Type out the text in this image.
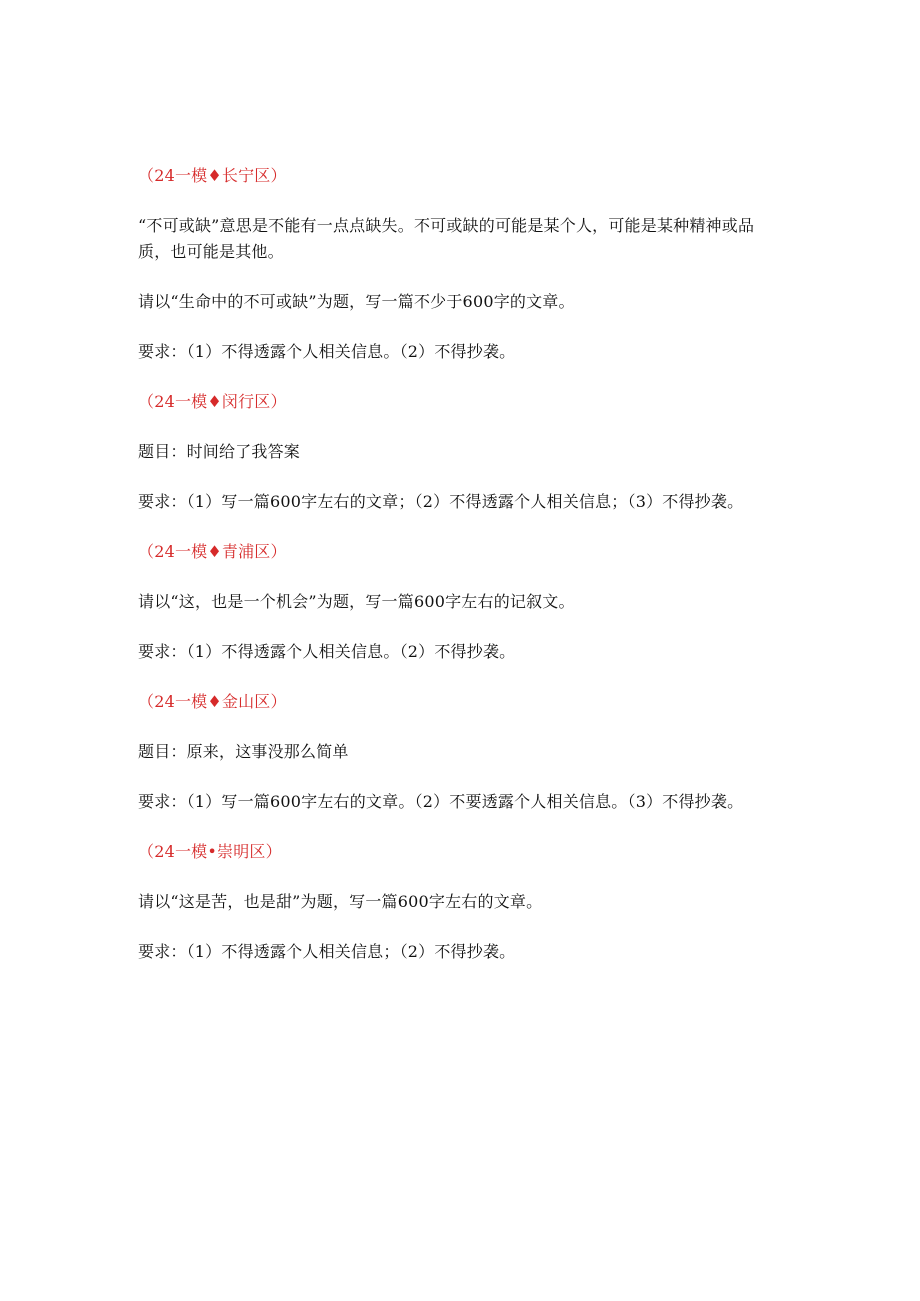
（24一模♦长宁区）

“不可或缺”意思是不能有一点点缺失。不可或缺的可能是某个人，可能是某种精神或品质，也可能是其他。

请以“生命中的不可或缺”为题，写一篇不少于600字的文章。

要求：（1）不得透露个人相关信息。（2）不得抄袭。

（24一模♦闵行区）

题目：时间给了我答案

要求：（1）写一篇600字左右的文章；（2）不得透露个人相关信息；（3）不得抄袭。

（24一模♦青浦区）

请以“这，也是一个机会”为题，写一篇600字左右的记叙文。

要求：（1）不得透露个人相关信息。（2）不得抄袭。

（24一模♦金山区）

题目：原来，这事没那么简单

要求：（1）写一篇600字左右的文章。（2）不要透露个人相关信息。（3）不得抄袭。

（24一模•崇明区）

请以“这是苦，也是甜”为题，写一篇600字左右的文章。

要求：（1）不得透露个人相关信息；（2）不得抄袭。
